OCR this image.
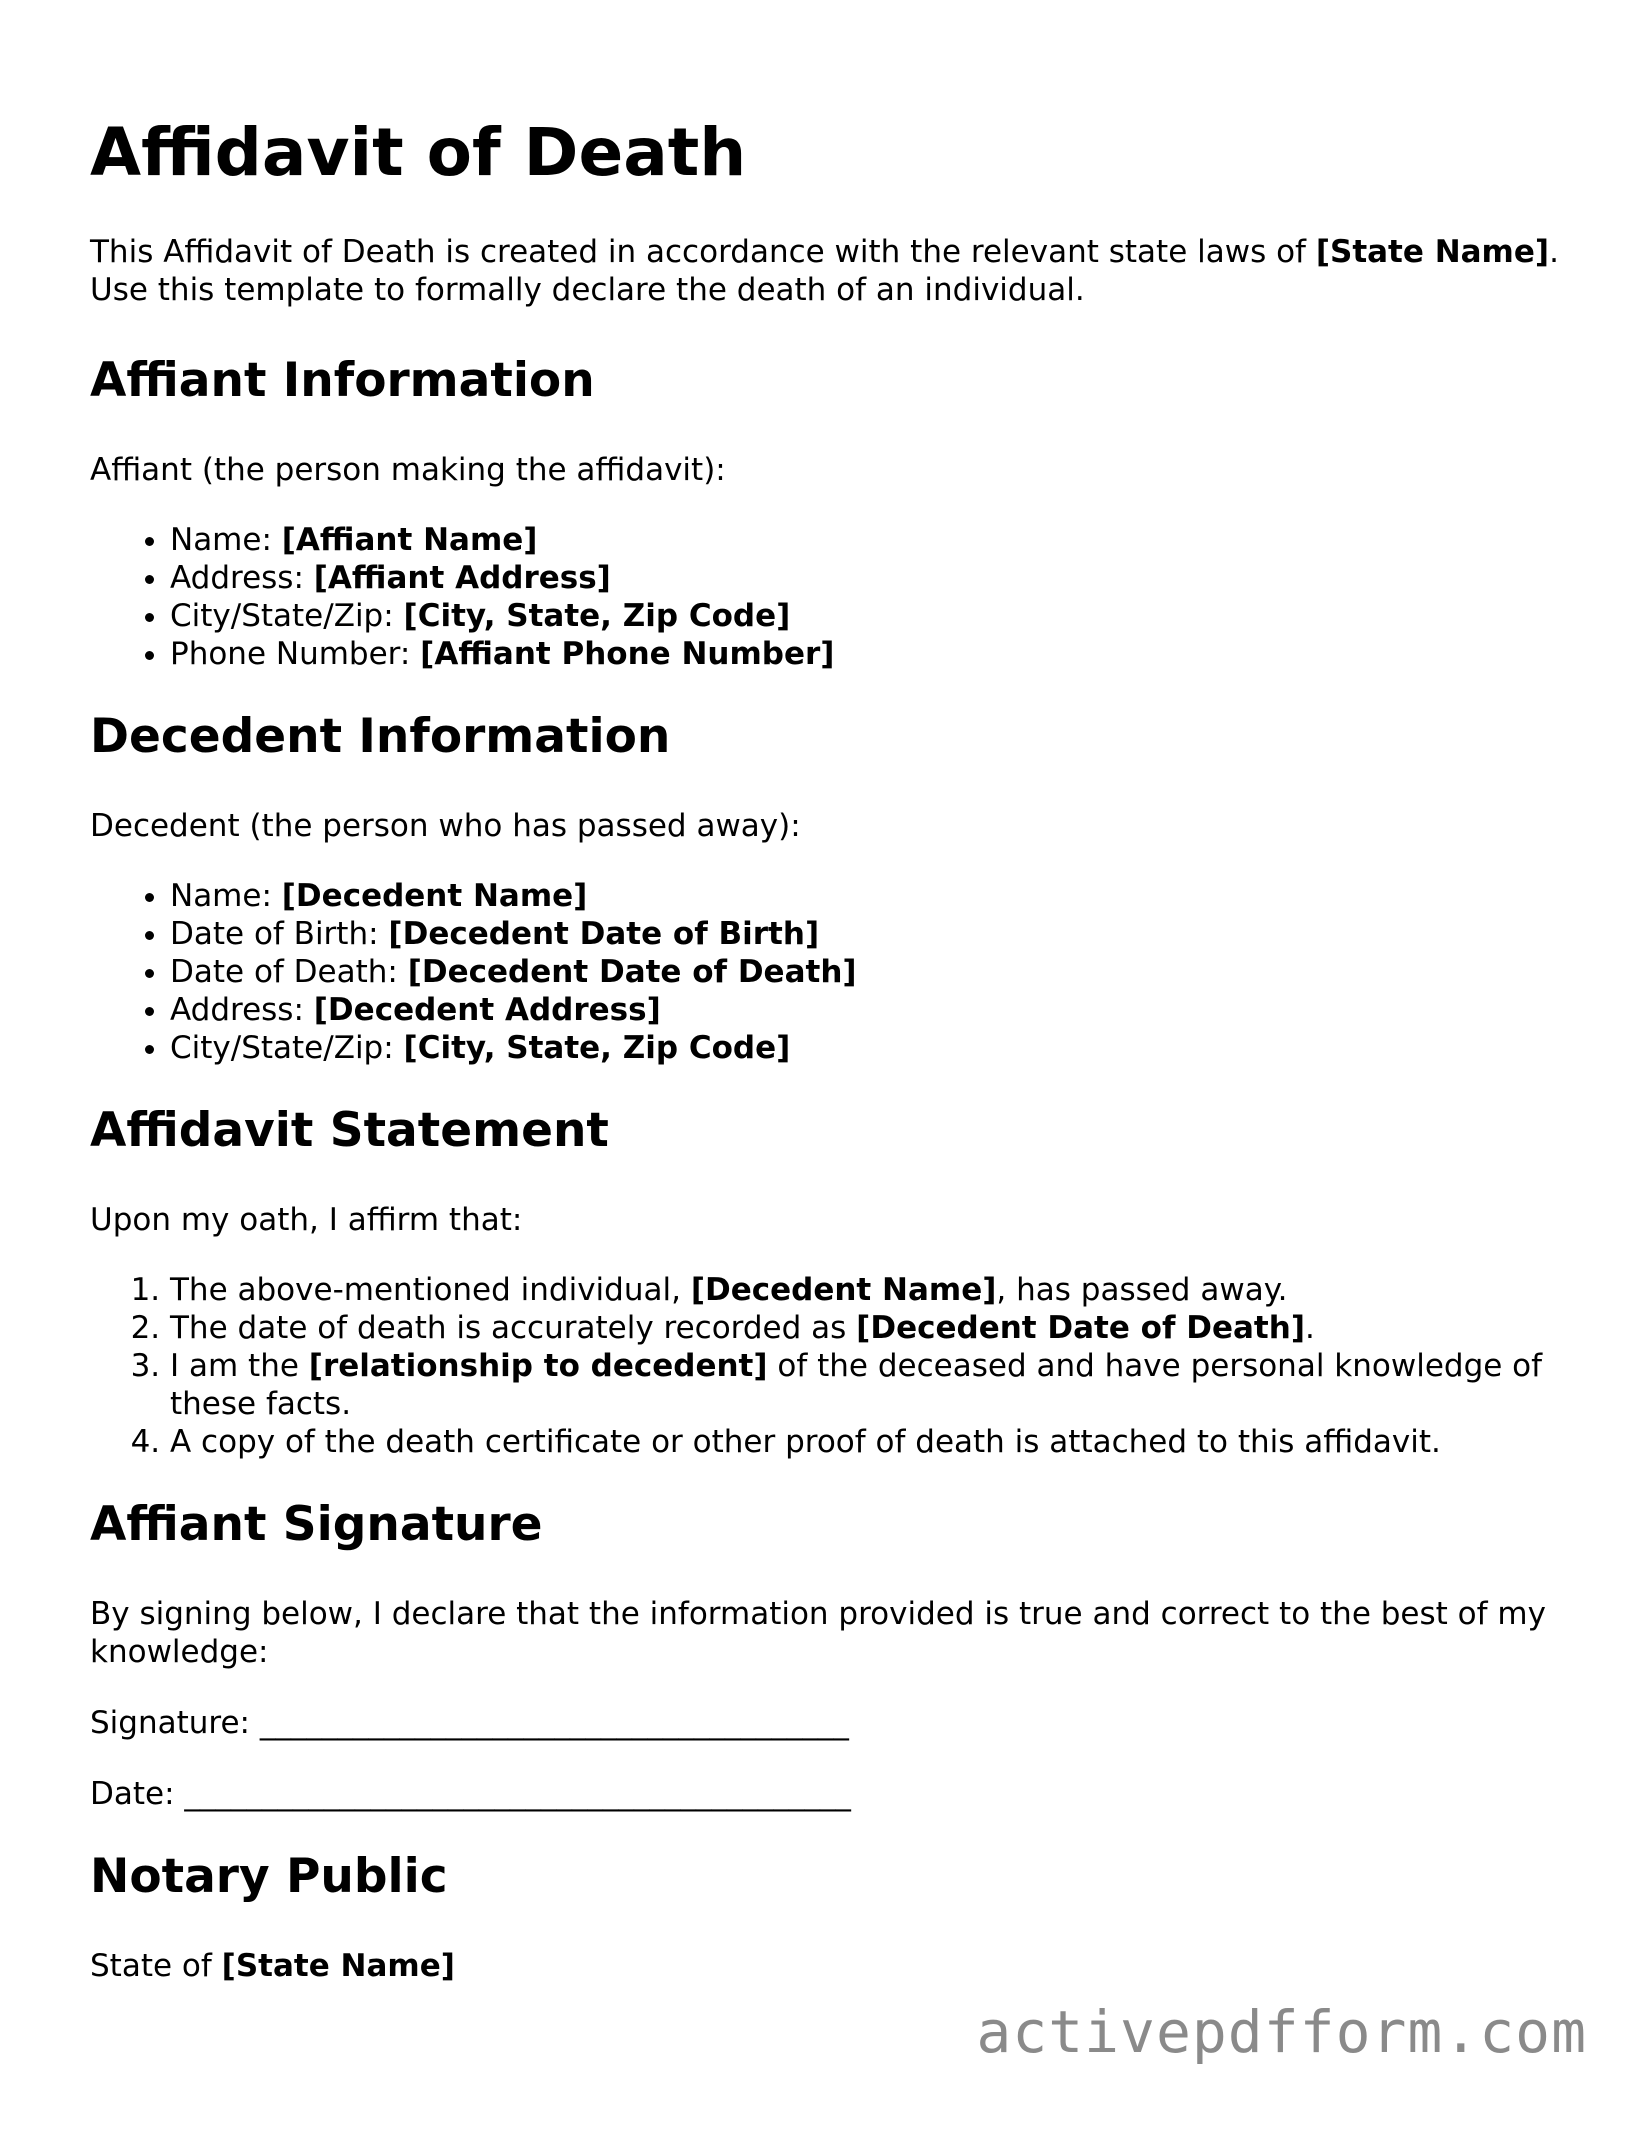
Affidavit of Death

This Affidavit of Death is created in accordance with the relevant state laws of [State Name]. Use this template to formally declare the death of an individual.

Affiant Information

Affiant (the person making the affidavit):

• Name: [Affiant Name]
• Address: [Affiant Address]
• City/State/Zip: [City, State, Zip Code]
• Phone Number: [Affiant Phone Number]
Decedent Information

Decedent (the person who has passed away):

• Name: [Decedent Name]
• Date of Birth: [Decedent Date of Birth]
• Date of Death: [Decedent Date of Death]
• Address: [Decedent Address]
• City/State/Zip: [City, State, Zip Code]
Affidavit Statement

Upon my oath, I affirm that:

1. The above-mentioned individual, [Decedent Name], has passed away.
2. The date of death is accurately recorded as [Decedent Date of Death].
3. I am the [relationship to decedent] of the deceased and have personal knowledge of these facts.
4. A copy of the death certificate or other proof of death is attached to this affidavit.
Affiant Signature

By signing below, I declare that the information provided is true and correct to the best of my knowledge:

Signature: ______________________________________

Date: ___________________________________________

Notary Public

State of [State Name]

activepdfform.com
